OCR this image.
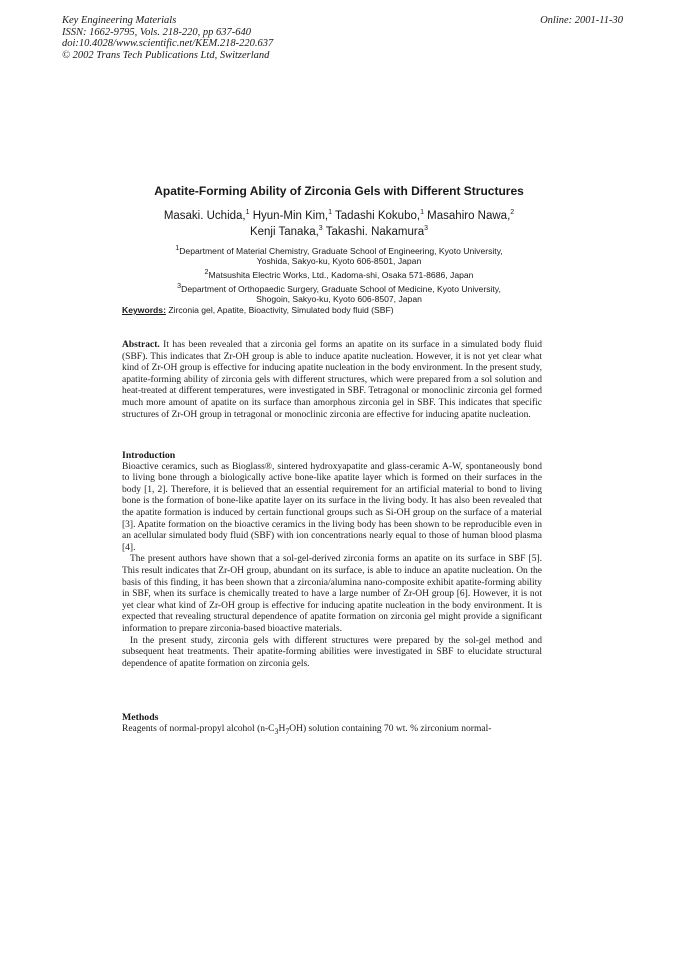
Key Engineering Materials
ISSN: 1662-9795, Vols. 218-220, pp 637-640
doi:10.4028/www.scientific.net/KEM.218-220.637
© 2002 Trans Tech Publications Ltd, Switzerland
Online: 2001-11-30
Apatite-Forming Ability of Zirconia Gels with Different Structures
Masaki. Uchida,$^1$ Hyun-Min Kim,$^1$ Tadashi Kokubo,$^1$ Masahiro Nawa,$^2$
Kenji Tanaka,$^3$ Takashi. Nakamura$^3$
$^1$Department of Material Chemistry, Graduate School of Engineering, Kyoto University,
Yoshida, Sakyo-ku, Kyoto 606-8501, Japan
$^2$Matsushita Electric Works, Ltd., Kadoma-shi, Osaka 571-8686, Japan
$^3$Department of Orthopaedic Surgery, Graduate School of Medicine, Kyoto University,
Shogoin, Sakyo-ku, Kyoto 606-8507, Japan
Keywords: Zirconia gel, Apatite, Bioactivity, Simulated body fluid (SBF)

Abstract. It has been revealed that a zirconia gel forms an apatite on its surface in a simulated body fluid (SBF). This indicates that Zr-OH group is able to induce apatite nucleation. However, it is not yet clear what kind of Zr-OH group is effective for inducing apatite nucleation in the body environment. In the present study, apatite-forming ability of zirconia gels with different structures, which were prepared from a sol solution and heat-treated at different temperatures, were investigated in SBF. Tetragonal or monoclinic zirconia gel formed much more amount of apatite on its surface than amorphous zirconia gel in SBF. This indicates that specific structures of Zr-OH group in tetragonal or monoclinic zirconia are effective for inducing apatite nucleation.

Introduction

Bioactive ceramics, such as Bioglass®, sintered hydroxyapatite and glass-ceramic A-W, spontaneously bond to living bone through a biologically active bone-like apatite layer which is formed on their surfaces in the body [1, 2]. Therefore, it is believed that an essential requirement for an artificial material to bond to living bone is the formation of bone-like apatite layer on its surface in the living body. It has also been revealed that the apatite formation is induced by certain functional groups such as Si-OH group on the surface of a material [3]. Apatite formation on the bioactive ceramics in the living body has been shown to be reproducible even in an acellular simulated body fluid (SBF) with ion concentrations nearly equal to those of human blood plasma [4].

The present authors have shown that a sol-gel-derived zirconia forms an apatite on its surface in SBF [5]. This result indicates that Zr-OH group, abundant on its surface, is able to induce an apatite nucleation. On the basis of this finding, it has been shown that a zirconia/alumina nano-composite exhibit apatite-forming ability in SBF, when its surface is chemically treated to have a large number of Zr-OH group [6]. However, it is not yet clear what kind of Zr-OH group is effective for inducing apatite nucleation in the body environment. It is expected that revealing structural dependence of apatite formation on zirconia gel might provide a significant information to prepare zirconia-based bioactive materials.

In the present study, zirconia gels with different structures were prepared by the sol-gel method and subsequent heat treatments. Their apatite-forming abilities were investigated in SBF to elucidate structural dependence of apatite formation on zirconia gels.

Methods

Reagents of normal-propyl alcohol $(n-C_3H_7OH)$ solution containing 70 wt. % zirconium normal-
